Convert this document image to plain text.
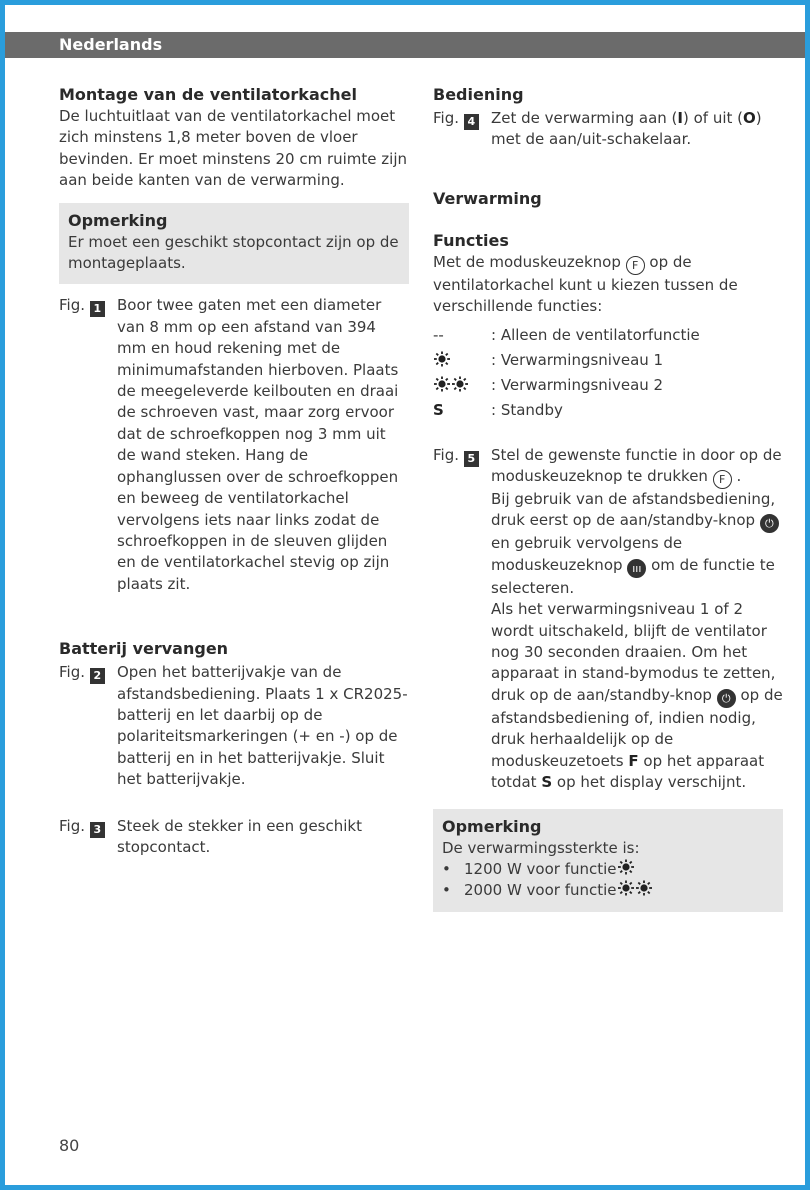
Nederlands
Montage van de ventilatorkachel

De luchtuitlaat van de ventilatorkachel moet zich minstens 1,8 meter boven de vloer bevinden. Er moet minstens 20 cm ruimte zijn aan beide kanten van de verwarming.

Opmerking

Er moet een geschikt stopcontact zijn op de montageplaats.

Fig. 1	Boor twee gaten met een diameter van 8 mm op een afstand van 394 mm en houd rekening met de minimumafstanden hierboven. Plaats de meegeleverde keilbouten en draai de schroeven vast, maar zorg ervoor dat de schroefkoppen nog 3 mm uit de wand steken. Hang de ophanglussen over de schroefkoppen en beweeg de ventilatorkachel vervolgens iets naar links zodat de schroefkoppen in de sleuven glijden en de ventilatorkachel stevig op zijn plaats zit.
Batterij vervangen
Fig. 2	Open het batterijvakje van de afstandsbediening. Plaats 1 x CR2025-batterij en let daarbij op de polariteitsmarkeringen (+ en -) op de batterij en in het batterijvakje. Sluit het batterijvakje.
Fig. 3	Steek de stekker in een geschikt stopcontact.
Bediening
Fig. 4	Zet de verwarming aan (I) of uit (O) met de aan/uit-schakelaar.
Verwarming
Functies

Met de moduskeuzeknop F op de ventilatorkachel kunt u kiezen tussen de verschillende functies:

--	: Alleen de ventilatorfunctie
: Verwarmingsniveau 1
: Verwarmingsniveau 2
S	: Standby
Fig. 5	Stel de gewenste functie in door op de moduskeuzeknop te drukken F .
Bij gebruik van de afstandsbediening, druk eerst op de aan/standby-knop ⏻ en gebruik vervolgens de moduskeuzeknop ııı om de functie te selecteren.
Als het verwarmingsniveau 1 of 2 wordt uitschakeld, blijft de ventilator nog 30 seconden draaien. Om het apparaat in stand-bymodus te zetten, druk op de aan/standby-knop ⏻ op de afstandsbediening of, indien nodig, druk herhaaldelijk op de moduskeuzetoets F op het apparaat totdat S op het display verschijnt.
Opmerking

De verwarmingssterkte is:

• 1200 W voor functie
• 2000 W voor functie
80
